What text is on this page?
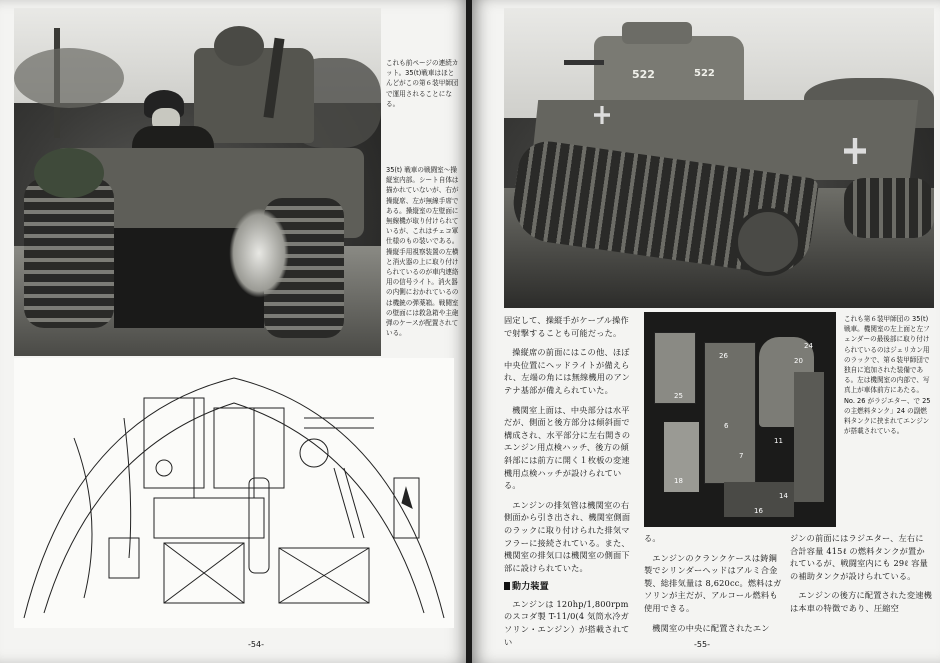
これも前ページの連続カット。35(t)戦車はほとんどがこの第６装甲師団で運用されることになる。

35(t) 戦車の戦闘室～操縦室内部。シート自体は描かれていないが、右が操縦席、左が無線手席である。操縦室の左壁面に無線機が取り付けられているが、これはチェコ軍仕様のもの装いである。操縦手用視察装置の左横と消火器の上に取り付けられているのが車内連絡用の信号ライト。消火器の内側におかれているのは機銃の弾薬箱。戦闘室の壁面には救急箱や主砲弾のケースが配置されている。

-54-
522	522

固定して、操縦手がケーブル操作で射撃することも可能だった。

操縦席の前面にはこの他、ほぼ中央位置にヘッドライトが備えられ、左端の角には無線機用のアンテナ基部が備えられていた。

機関室上面は、中央部分は水平だが、側面と後方部分は傾斜面で構成され、水平部分に左右開きのエンジン用点検ハッチ、後方の傾斜部には前方に開く１枚板の変速機用点検ハッチが設けられている。

エンジンの排気管は機関室の右側面から引き出され、機関室側面のラックに取り付けられた排気マフラーに接続されている。また、機関室の排気口は機関室の側面下部に設けられていた。

動力装置

エンジンは 120hp/1,800rpm のスコダ製 T-11/0(4 気筒水冷ガソリン・エンジン）が搭載されてい

25
26
24
6
20
11
7
18
14
16

これも第６装甲師団の 35(t) 戦車。機関室の左上面と左フェンダーの最後部に取り付けられているのはジェリカン用のラックで、第６装甲師団で独自に追加された装備である。左は機関室の内部で、写真上が車体前方にあたる。No. 26 がラジエター、で 25 の主燃料タンク」24 の副燃料タンクに挟まれてエンジンが搭載されている。

る。

エンジンのクランクケースは鋳鋼製でシリンダーヘッドはアルミ合金製、総排気量は 8,620cc。燃料はガソリンが主だが、アルコール燃料も使用できる。

機関室の中央に配置されたエン

ジンの前面にはラジエター、左右に合計容量 415ℓ の燃料タンクが置かれているが、戦闘室内にも 29ℓ 容量の補助タンクが設けられている。

エンジンの後方に配置された変速機は本車の特徴であり、圧縮空

-55-
